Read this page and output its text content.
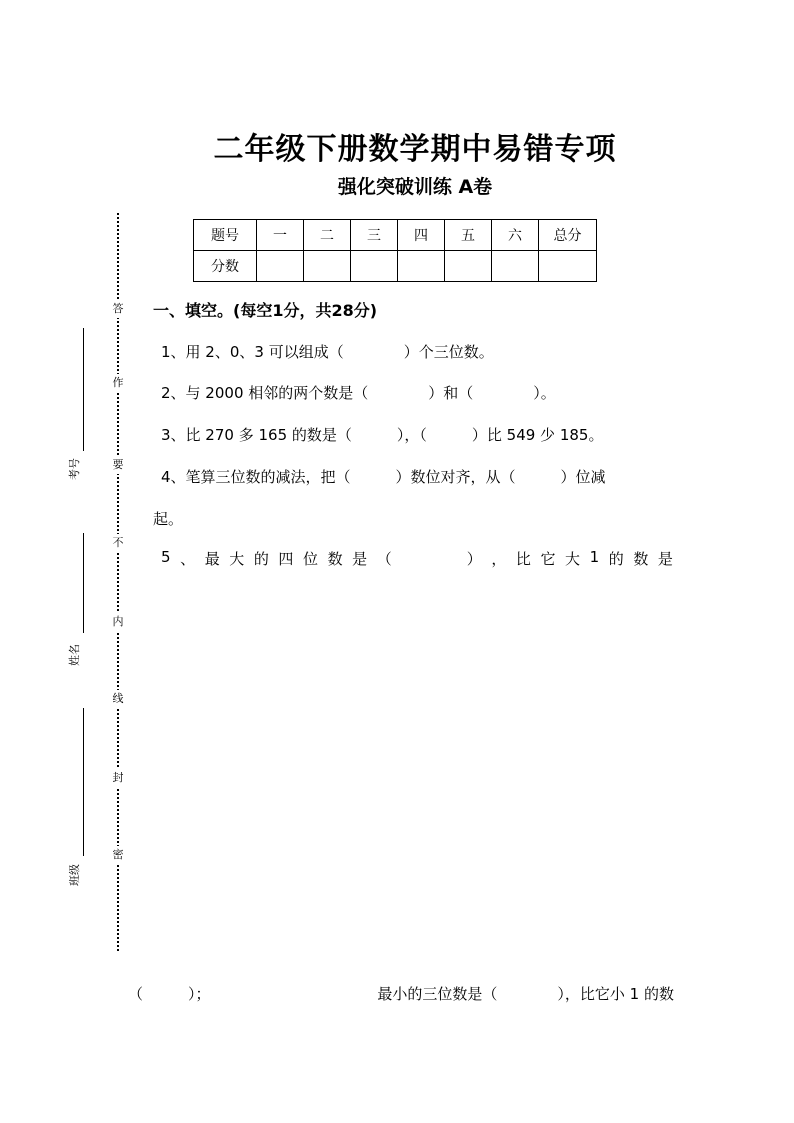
二年级下册数学期中易错专项
强化突破训练 A卷
题号	一	二	三	四	五	六	总分
分数							
一、填空。(每空1分，共28分)
1、用 2、0、3 可以组成（　　　　）个三位数。
2、与 2000 相邻的两个数是（　　　　）和（　　　　）。
3、比 270 多 165 的数是（　　　），（　　　）比 549 少 185。
4、笔算三位数的减法，把（　　　）数位对齐，从（　　　）位减
起。
5 、 最 大 的 四 位 数 是 （　　　　　） ， 比 它 大 1 的 数 是
（　　　）；	最小的三位数是（　　　　），比它小 1 的数
答
作
要
不
内
线
封
密
考号
姓名
班级
